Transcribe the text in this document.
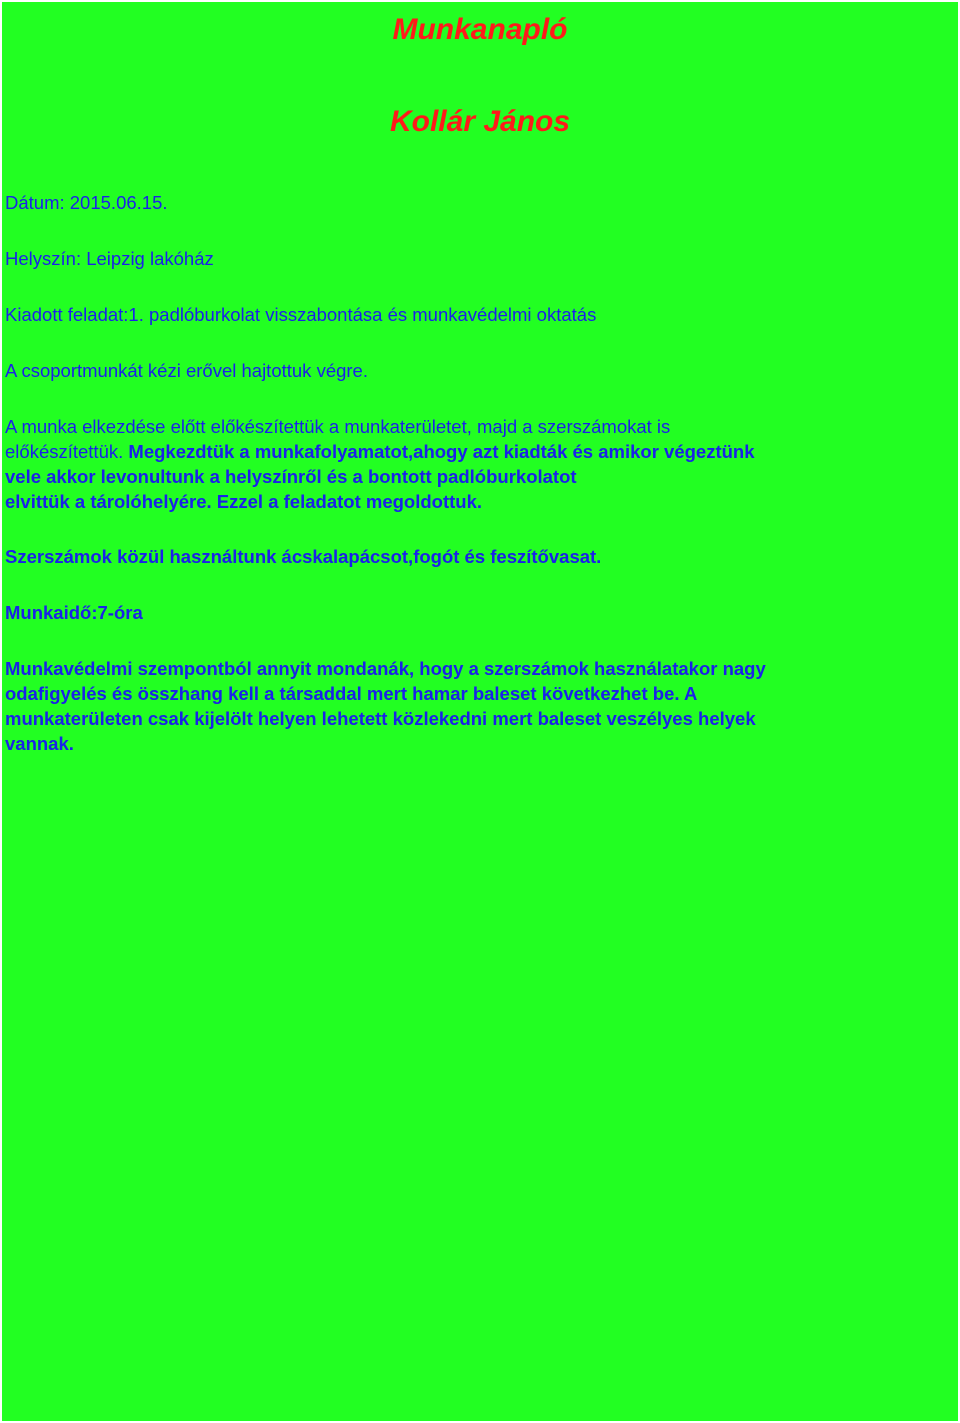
Munkanapló
Kollár János

Dátum: 2015.06.15.

Helyszín: Leipzig lakóház

Kiadott feladat:1. padlóburkolat visszabontása és munkavédelmi oktatás

A csoportmunkát kézi erővel hajtottuk végre.

A munka elkezdése előtt előkészítettük a munkaterületet, majd a szerszámokat is
előkészítettük. Megkezdtük a munkafolyamatot,ahogy azt kiadták és amikor végeztünk
vele akkor levonultunk a helyszínről és a bontott padlóburkolatot
elvittük a tárolóhelyére. Ezzel a feladatot megoldottuk.

Szerszámok közül használtunk ácskalapácsot,fogót és feszítővasat.

Munkaidő:7-óra

Munkavédelmi szempontból annyit mondanák, hogy a szerszámok használatakor nagy
odafigyelés és összhang kell a társaddal mert hamar baleset következhet be. A
munkaterületen csak kijelölt helyen lehetett közlekedni mert baleset veszélyes helyek
vannak.
